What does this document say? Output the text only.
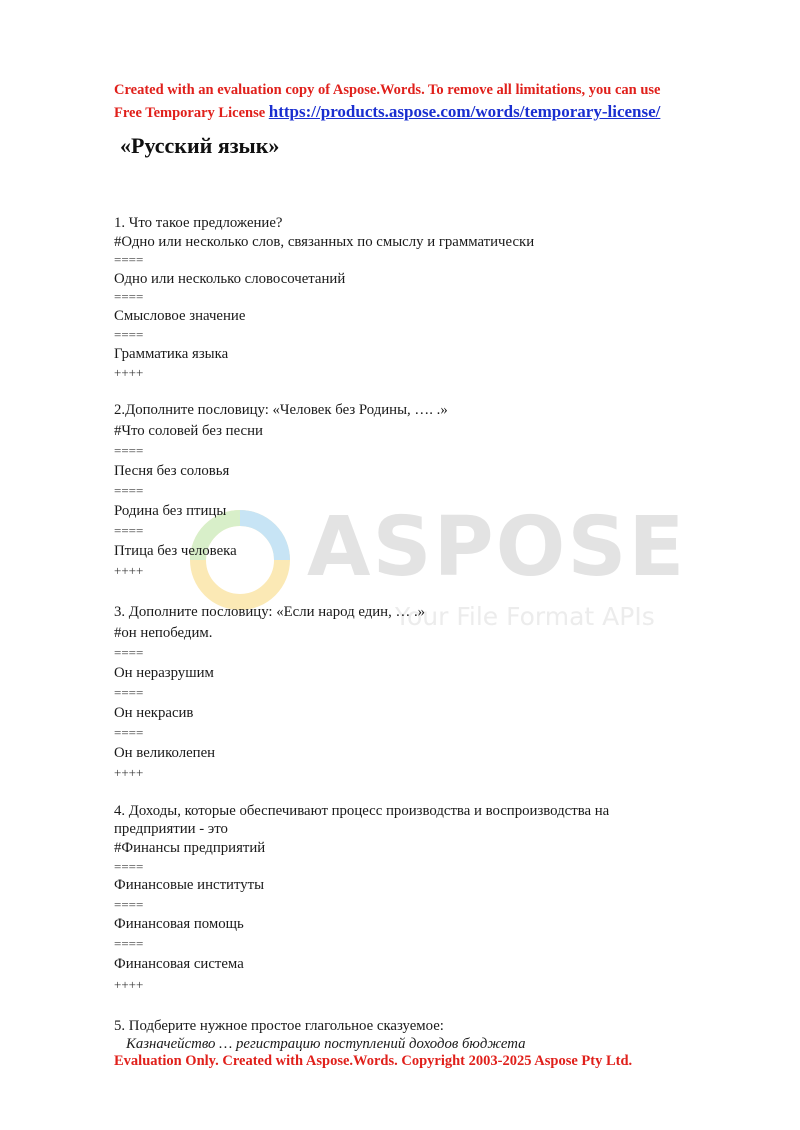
Created with an evaluation copy of Aspose.Words. To remove all limitations, you can use
Free Temporary License https://products.aspose.com/words/temporary-license/
«Русский язык»
ASPOSE
Your File Format APIs
1. Что такое предложение?
#Одно или несколько слов, связанных по смыслу и грамматически
====
Одно или несколько словосочетаний
====
Смысловое значение
====
Грамматика языка
++++
2.Дополните пословицу: «Человек без Родины, …. .»
#Что соловей без песни
====
Песня без соловья
====
Родина без птицы
====
Птица без человека
++++
3. Дополните пословицу: «Если народ един, … .»
#он непобедим.
====
Он неразрушим
====
Он некрасив
====
Он великолепен
++++
4. Доходы, которые обеспечивают процесс производства и воспроизводства на
предприятии - это
#Финансы предприятий
====
Финансовые институты
====
Финансовая помощь
====
Финансовая система
++++
5. Подберите нужное простое глагольное сказуемое:
Казначейство … регистрацию поступлений доходов бюджета
Evaluation Only. Created with Aspose.Words. Copyright 2003-2025 Aspose Pty Ltd.
